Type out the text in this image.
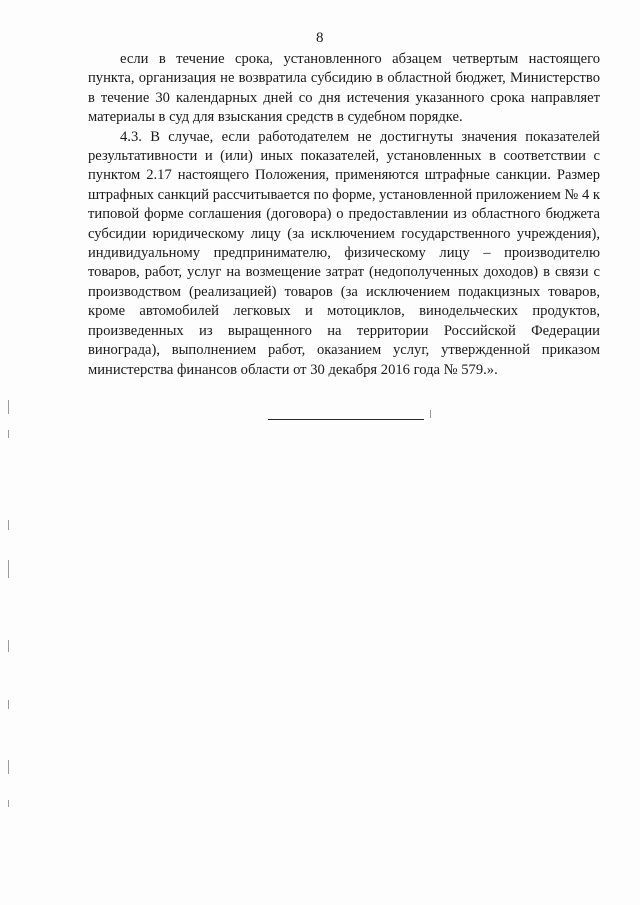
8

если в течение срока, установленного абзацем четвертым настоящего пункта, организация не возвратила субсидию в областной бюджет, Министерство в течение 30 календарных дней со дня истечения указанного срока направляет материалы в суд для взыскания средств в судебном порядке.

4.3. В случае, если работодателем не достигнуты значения показателей результативности и (или) иных показателей, установленных в соответствии с пунктом 2.17 настоящего Положения, применяются штрафные санкции. Размер штрафных санкций рассчитывается по форме, установленной приложением № 4 к типовой форме соглашения (договора) о предоставлении из областного бюджета субсидии юридическому лицу (за исключением государственного учреждения), индивидуальному предпринимателю, физическому лицу – производителю товаров, работ, услуг на возмещение затрат (недополученных доходов) в связи с производством (реализацией) товаров (за исключением подакцизных товаров, кроме автомобилей легковых и мотоциклов, винодельческих продуктов, произведенных из выращенного на территории Российской Федерации винограда), выполнением работ, оказанием услуг, утвержденной приказом министерства финансов области от 30 декабря 2016 года № 579.».
